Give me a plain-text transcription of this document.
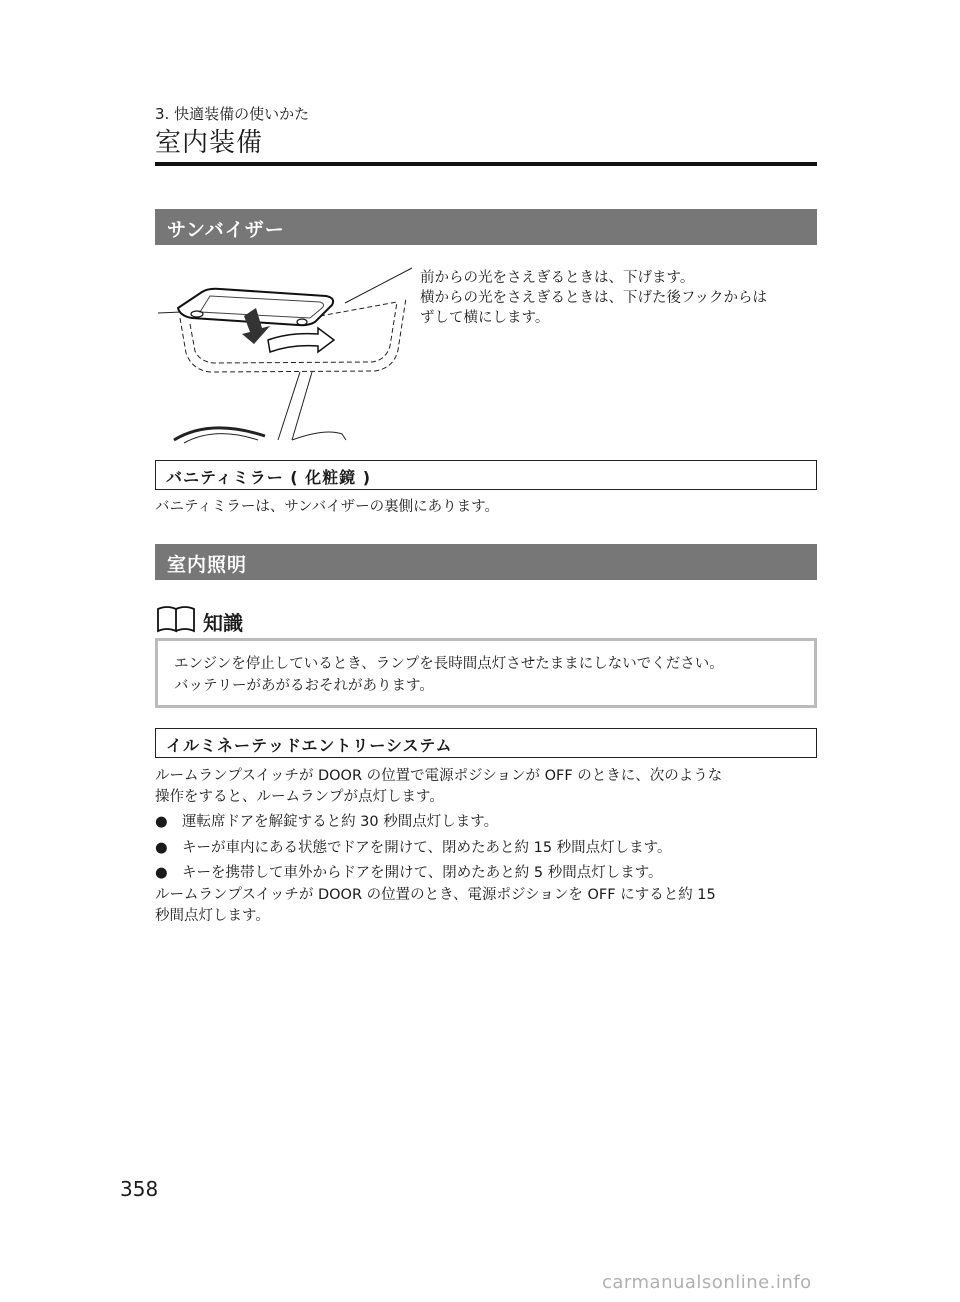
3. 快適装備の使いかた
室内装備
サンバイザー
前からの光をさえぎるときは、下げます。
横からの光をさえぎるときは、下げた後フックからは
ずして横にします。
バニティミラー ( 化粧鏡 )
バニティミラーは、サンバイザーの裏側にあります。
室内照明
知識
エンジンを停止しているとき、ランプを長時間点灯させたままにしないでください。
バッテリーがあがるおそれがあります。
イルミネーテッドエントリーシステム
ルームランプスイッチが DOOR の位置で電源ポジションが OFF のときに、次のような
操作をすると、ルームランプが点灯します。
● 運転席ドアを解錠すると約 30 秒間点灯します。
● キーが車内にある状態でドアを開けて、閉めたあと約 15 秒間点灯します。
● キーを携帯して車外からドアを開けて、閉めたあと約 5 秒間点灯します。
ルームランプスイッチが DOOR の位置のとき、電源ポジションを OFF にすると約 15
秒間点灯します。
358
carmanualsonline.info
